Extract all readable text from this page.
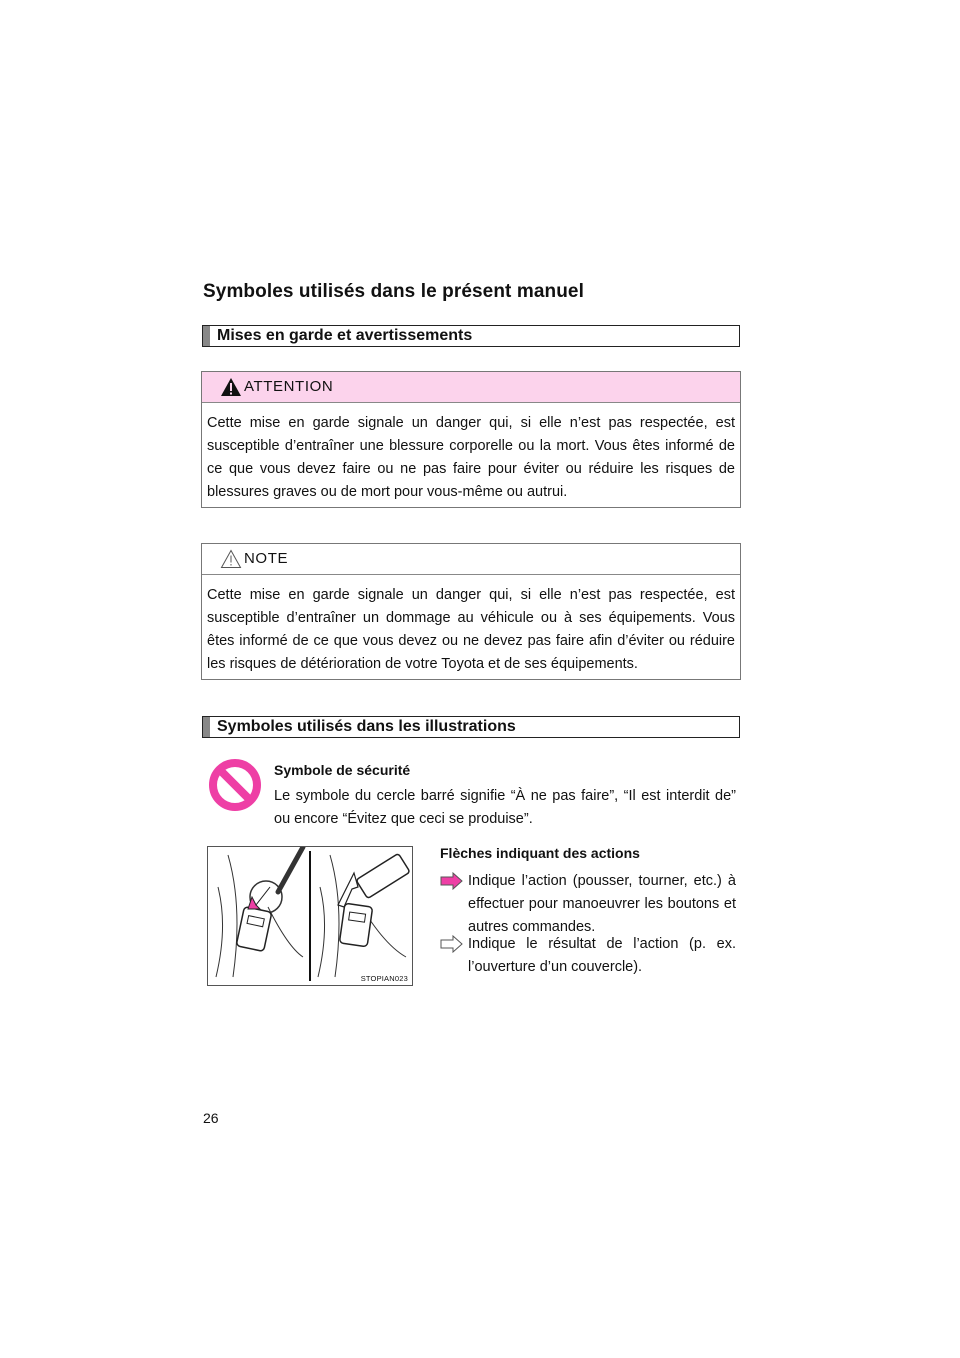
Symboles utilisés dans le présent manuel
Mises en garde et avertissements
ATTENTION
Cette mise en garde signale un danger qui, si elle n’est pas respectée, est susceptible d’entraîner une blessure corporelle ou la mort. Vous êtes informé de ce que vous devez faire ou ne pas faire pour éviter ou réduire les risques de blessures graves ou de mort pour vous-même ou autrui.
NOTE
Cette mise en garde signale un danger qui, si elle n’est pas respectée, est susceptible d’entraîner un dommage au véhicule ou à ses équipements. Vous êtes informé de ce que vous devez ou ne devez pas faire afin d’éviter ou réduire les risques de détérioration de votre Toyota et de ses équipements.
Symboles utilisés dans les illustrations
Symbole de sécurité
Le symbole du cercle barré signifie “À ne pas faire”, “Il est interdit de” ou encore “Évitez que ceci se produise”.
STOPIAN023
Flèches indiquant des actions
Indique l’action (pousser, tourner, etc.) à effectuer pour manoeuvrer les boutons et autres commandes.
Indique le résultat de l’action (p. ex. l’ouverture d’un couvercle).
26
